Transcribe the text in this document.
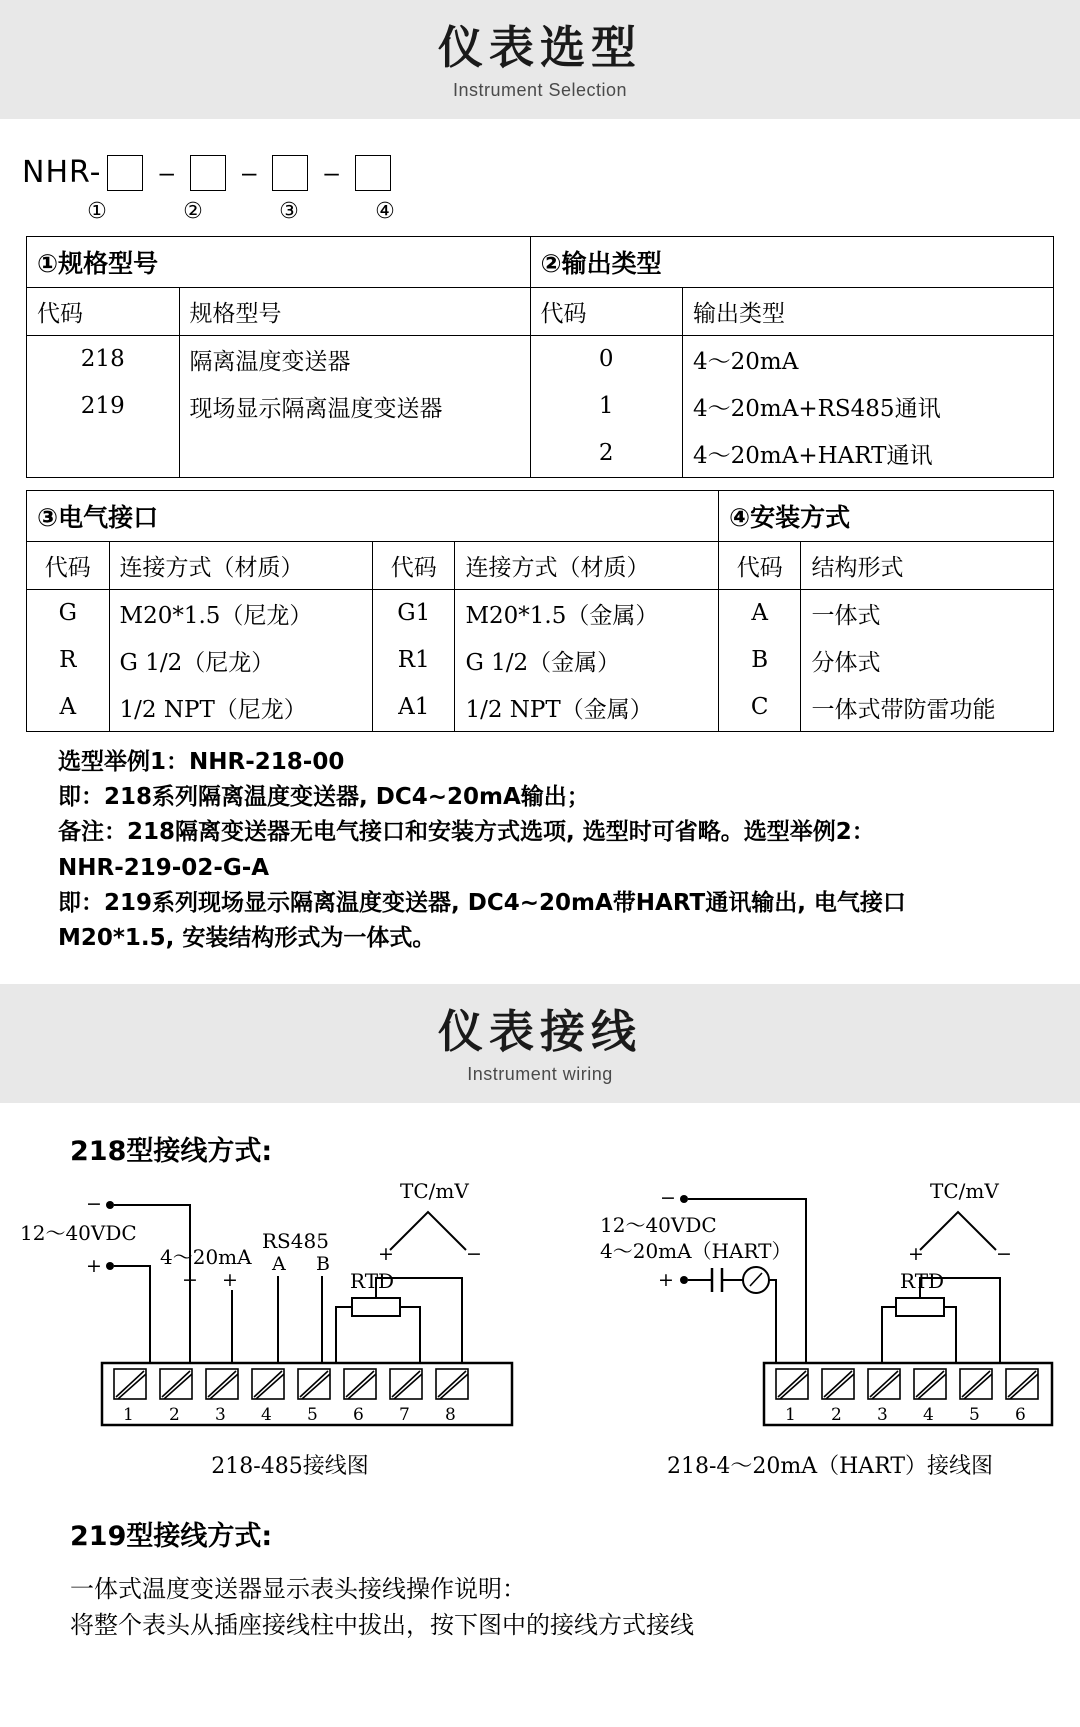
仪表选型
Instrument Selection
NHR- –	–	–
①	②	③	④
①规格型号		②输出类型	
代码	规格型号	代码	输出类型
218	隔离温度变送器	0	4～20mA
219	现场显示隔离温度变送器	1	4～20mA+RS485通讯
		2	4～20mA+HART通讯
③电气接口				④安装方式	
代码	连接方式（材质）	代码	连接方式（材质）	代码	结构形式
G	M20*1.5（尼龙）	G1	M20*1.5（金属）	A	一体式
R	G 1/2（尼龙）	R1	G 1/2（金属）	B	分体式
A	1/2 NPT（尼龙）	A1	1/2 NPT（金属）	C	一体式带防雷功能
选型举例1：NHR-218-00
即：218系列隔离温度变送器, DC4~20mA输出；
备注：218隔离变送器无电气接口和安装方式选项, 选型时可省略。选型举例2：
NHR-219-02-G-A
即：219系列现场显示隔离温度变送器, DC4~20mA带HART通讯输出, 电气接口
M20*1.5, 安装结构形式为一体式。
仪表接线
Instrument wiring
218型接线方式:
−
12～40VDC
+	4～20mA
− +
RS485
A B
RTD
TC/mV
+	−
1 2 3 4 5 6 7 8
218-485接线图
−
12～40VDC
4～20mA（HART）
+
TC/mV
+	−
RTD
1 2 3 4 5 6
218-4～20mA（HART）接线图
219型接线方式:
一体式温度变送器显示表头接线操作说明：
将整个表头从插座接线柱中拔出，按下图中的接线方式接线
